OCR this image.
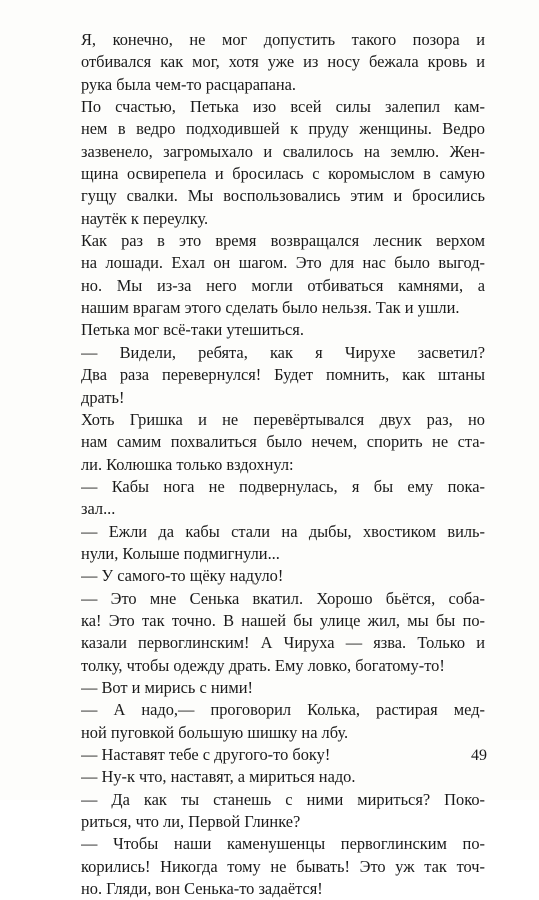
Я, конечно, не мог допустить такого позора и
отбивался как мог, хотя уже из носу бежала кровь и
рука была чем-то расцарапана.
По счастью, Петька изо всей силы залепил кам-
нем в ведро подходившей к пруду женщины. Ведро
зазвенело, загромыхало и свалилось на землю. Жен-
щина освирепела и бросилась с коромыслом в самую
гущу свалки. Мы воспользовались этим и бросились
наутёк к переулку.
Как раз в это время возвращался лесник верхом
на лошади. Ехал он шагом. Это для нас было выгод-
но. Мы из-за него могли отбиваться камнями, а
нашим врагам этого сделать было нельзя. Так и ушли.
Петька мог всё-таки утешиться.
— Видели, ребята, как я Чирухе засветил?
Два раза перевернулся! Будет помнить, как штаны
драть!
Хоть Гришка и не перевёртывался двух раз, но
нам самим похвалиться было нечем, спорить не ста-
ли. Колюшка только вздохнул:
— Кабы нога не подвернулась, я бы ему пока-
зал...
— Ежли да кабы стали на дыбы, хвостиком виль-
нули, Колыше подмигнули...
— У самого-то щёку надуло!
— Это мне Сенька вкатил. Хорошо бьётся, соба-
ка! Это так точно. В нашей бы улице жил, мы бы по-
казали первоглинским! А Чируха — язва. Только и
толку, чтобы одежду драть. Ему ловко, богатому-то!
— Вот и мирись с ними!
— А надо,— проговорил Колька, растирая мед-
ной пуговкой большую шишку на лбу.
— Наставят тебе с другого-то боку!
— Ну-к что, наставят, а мириться надо.
— Да как ты станешь с ними мириться? Поко-
риться, что ли, Первой Глинке?
— Чтобы наши каменушенцы первоглинским по-
корились! Никогда тому не бывать! Это уж так точ-
но. Гляди, вон Сенька-то задаётся!
49
